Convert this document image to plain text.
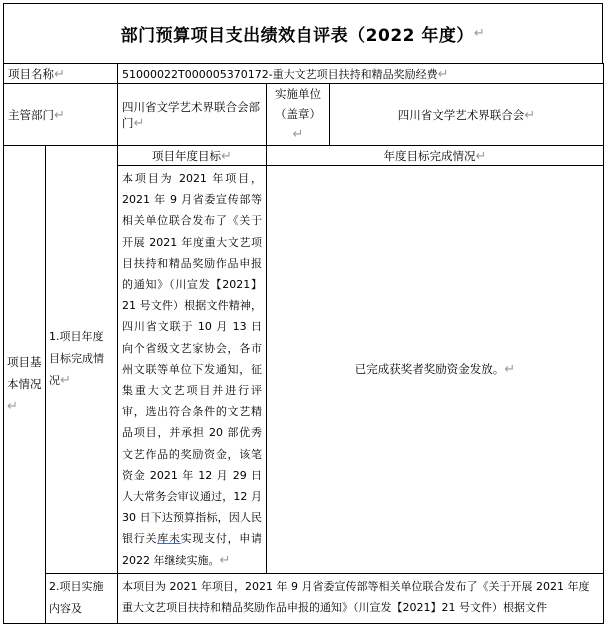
部门预算项目支出绩效自评表（2022 年度） ↵
项目名称↵		51000022T000005370172-重大文艺项目扶持和精品奖励经费↵		
主管部门↵		四川省文学艺术界联合会部门↵	实施单位
（盖章）↵	四川省文学艺术界联合会↵
项目基本情况↵	1.项目年度目标完成情况↵	项目年度目标↵	年度目标完成情况↵	
		本项目为 2021 年项目，2021 年 9 月省委宣传部等相关单位联合发布了《关于开展 2021 年度重大文艺项目扶持和精品奖励作品申报的通知》（川宣发【2021】21 号文件）根据文件精神，四川省文联于 10 月 13 日向个省级文艺家协会，各市州文联等单位下发通知，征集重大文艺项目并进行评审，选出符合条件的文艺精品项目，并承担 20 部优秀文艺作品的奖励资金，该笔资金 2021 年 12 月 29 日人大常务会审议通过，12 月 30 日下达预算指标，因人民银行关库未实现支付，申请 2022 年继续实施。↵	已完成获奖者奖励资金发放。↵	
	2.项目实施内容及	本项目为 2021 年项目，2021 年 9 月省委宣传部等相关单位联合发布了《关于开展 2021 年度重大文艺项目扶持和精品奖励作品申报的通知》（川宣发【2021】21 号文件）根据文件		
